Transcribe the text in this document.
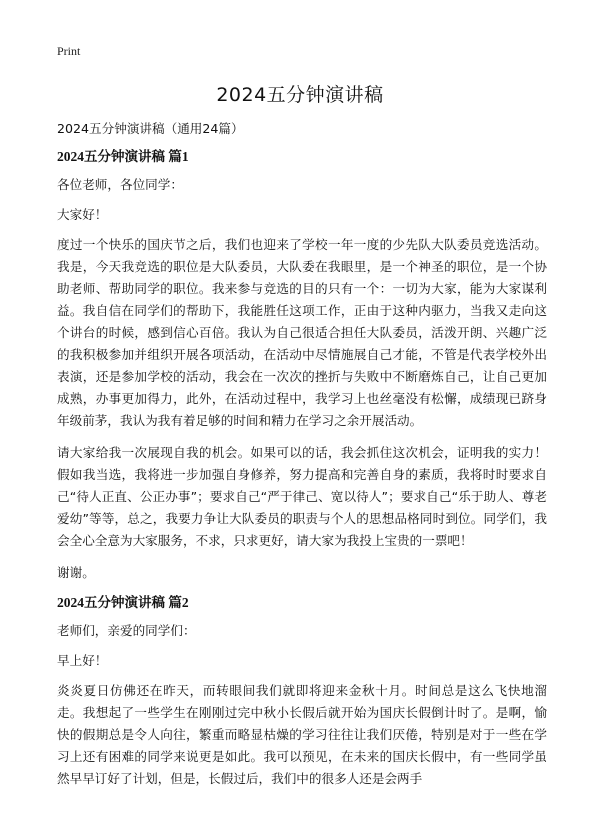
Print
2024五分钟演讲稿

2024五分钟演讲稿（通用24篇）

2024五分钟演讲稿 篇1

各位老师，各位同学：

大家好！

度过一个快乐的国庆节之后，我们也迎来了学校一年一度的少先队大队委员竞选活动。我是，今天我竞选的职位是大队委员，大队委在我眼里，是一个神圣的职位，是一个协助老师、帮助同学的职位。我来参与竞选的目的只有一个：一切为大家，能为大家谋利益。我自信在同学们的帮助下，我能胜任这项工作，正由于这种内驱力，当我又走向这个讲台的时候，感到信心百倍。我认为自己很适合担任大队委员，活泼开朗、兴趣广泛的我积极参加并组织开展各项活动，在活动中尽情施展自己才能，不管是代表学校外出表演，还是参加学校的活动，我会在一次次的挫折与失败中不断磨炼自己，让自己更加成熟，办事更加得力，此外，在活动过程中，我学习上也丝毫没有松懈，成绩现已跻身年级前茅，我认为我有着足够的时间和精力在学习之余开展活动。

请大家给我一次展现自我的机会。如果可以的话，我会抓住这次机会，证明我的实力！假如我当选，我将进一步加强自身修养，努力提高和完善自身的素质，我将时时要求自己“待人正直、公正办事”；要求自己“严于律己、宽以待人”；要求自己“乐于助人、尊老爱幼”等等，总之，我要力争让大队委员的职责与个人的思想品格同时到位。同学们，我会全心全意为大家服务，不求，只求更好，请大家为我投上宝贵的一票吧！

谢谢。

2024五分钟演讲稿 篇2

老师们，亲爱的同学们：

早上好！

炎炎夏日仿佛还在昨天，而转眼间我们就即将迎来金秋十月。时间总是这么飞快地溜走。我想起了一些学生在刚刚过完中秋小长假后就开始为国庆长假倒计时了。是啊，愉快的假期总是令人向往，繁重而略显枯燥的学习往往让我们厌倦，特别是对于一些在学习上还有困难的同学来说更是如此。我可以预见，在未来的国庆长假中，有一些同学虽然早早订好了计划，但是，长假过后，我们中的很多人还是会两手
